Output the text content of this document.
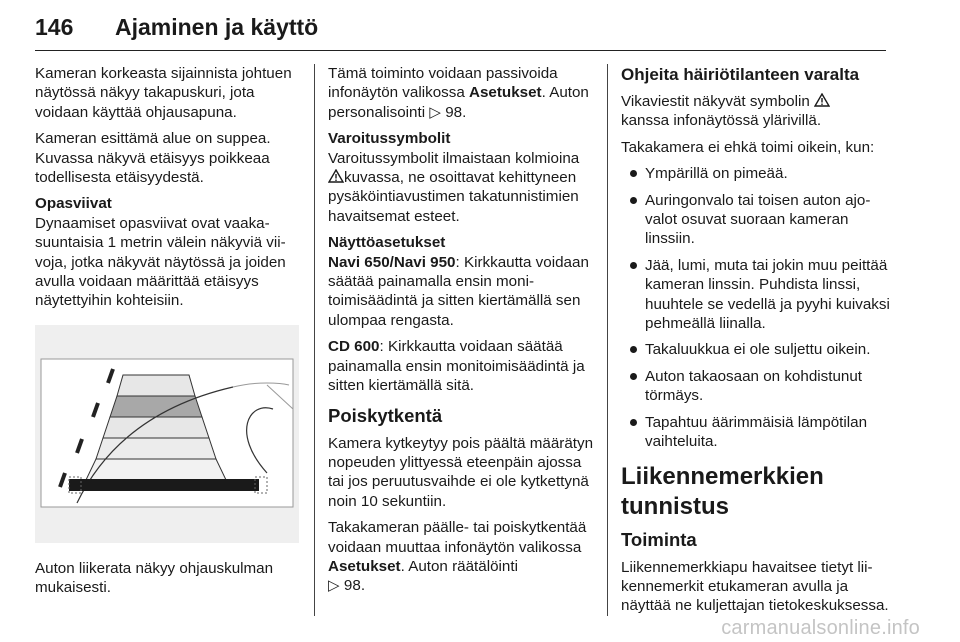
146 Ajaminen ja käyttö

Kameran korkeasta sijainnista johtuen näytössä näkyy takapuskuri, jota voidaan käyttää ohjausapuna.

Kameran esittämä alue on suppea. Kuvassa näkyvä etäisyys poikkeaa todellisesta etäisyydestä.

Opasviivat

Dynaamiset opasviivat ovat vaakasuuntaisia 1 metrin välein näkyviä viivoja, jotka näkyvät näytössä ja joiden avulla voidaan määrittää etäisyys näytettyihin kohteisiin.

Auton liikerata näkyy ohjauskulman mukaisesti.

Tämä toiminto voidaan passivoida infonäytön valikossa Asetukset. Auton personalisointi ▷ 98.

Varoitussymbolit

Varoitussymbolit ilmaistaan kolmioina kuvassa, ne osoittavat kehittyneen pysäköintiavustimen takatunnistimien havaitsemat esteet.

Näyttöasetukset

Navi 650/Navi 950: Kirkkautta voidaan säätää painamalla ensin monitoimisäädintä ja sitten kiertämällä sen ulompaa rengasta.

CD 600: Kirkkautta voidaan säätää painamalla ensin monitoimisäädintä ja sitten kiertämällä sitä.

Poiskytkentä

Kamera kytkeytyy pois päältä määrätyn nopeuden ylittyessä eteenpäin ajossa tai jos peruutusvaihde ei ole kytkettynä noin 10 sekuntiin.

Takakameran päälle- tai poiskytkentää voidaan muuttaa infonäytön valikossa Asetukset. Auton räätälöinti
▷ 98.

Ohjeita häiriötilanteen varalta

Vikaviestit näkyvät symbolin
kanssa infonäytössä ylärivillä.

Takakamera ei ehkä toimi oikein, kun:

Ympärillä on pimeää.
Auringonvalo tai toisen auton ajovalot osuvat suoraan kameran linssiin.
Jää, lumi, muta tai jokin muu peittää kameran linssin. Puhdista linssi, huuhtele se vedellä ja pyyhi kuivaksi pehmeällä liinalla.
Takaluukkua ei ole suljettu oikein.
Auton takaosaan on kohdistunut törmäys.
Tapahtuu äärimmäisiä lämpötilan vaihteluita.
Liikennemerkkien tunnistus
Toiminta

Liikennemerkkiapu havaitsee tietyt liikennemerkit etukameran avulla ja näyttää ne kuljettajan tietokeskuksessa.

carmanualsonline.info
